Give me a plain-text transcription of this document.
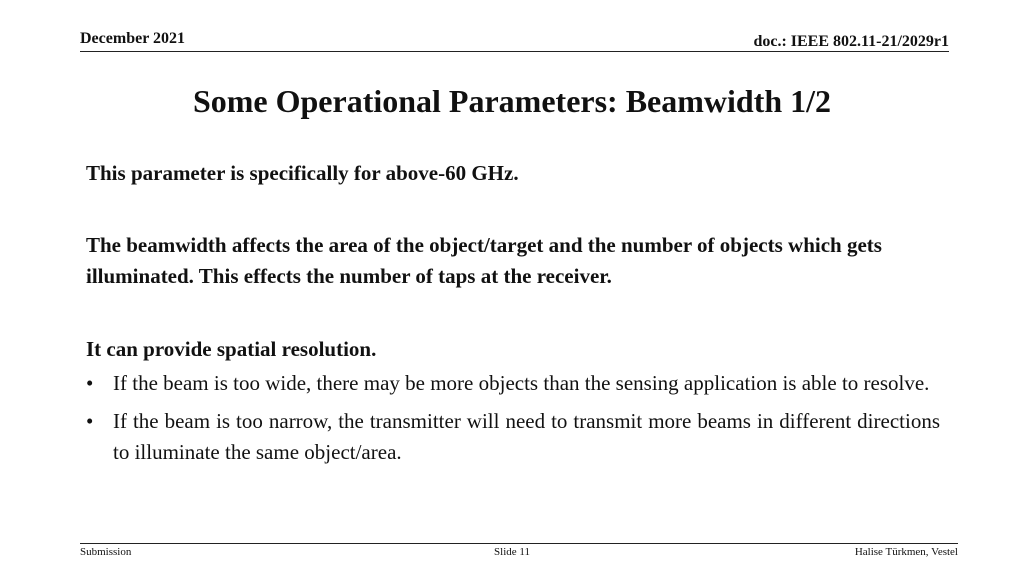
December 2021	doc.: IEEE 802.11-21/2029r1
Some Operational Parameters: Beamwidth 1/2

This parameter is specifically for above-60 GHz.

The beamwidth affects the area of the object/target and the number of objects which gets illuminated. This effects the number of taps at the receiver.

It can provide spatial resolution.

• If the beam is too wide, there may be more objects than the sensing application is able to resolve.
• If the beam is too narrow, the transmitter will need to transmit more beams in different directions to illuminate the same object/area.
Submission	Slide 11	Halise Türkmen, Vestel
